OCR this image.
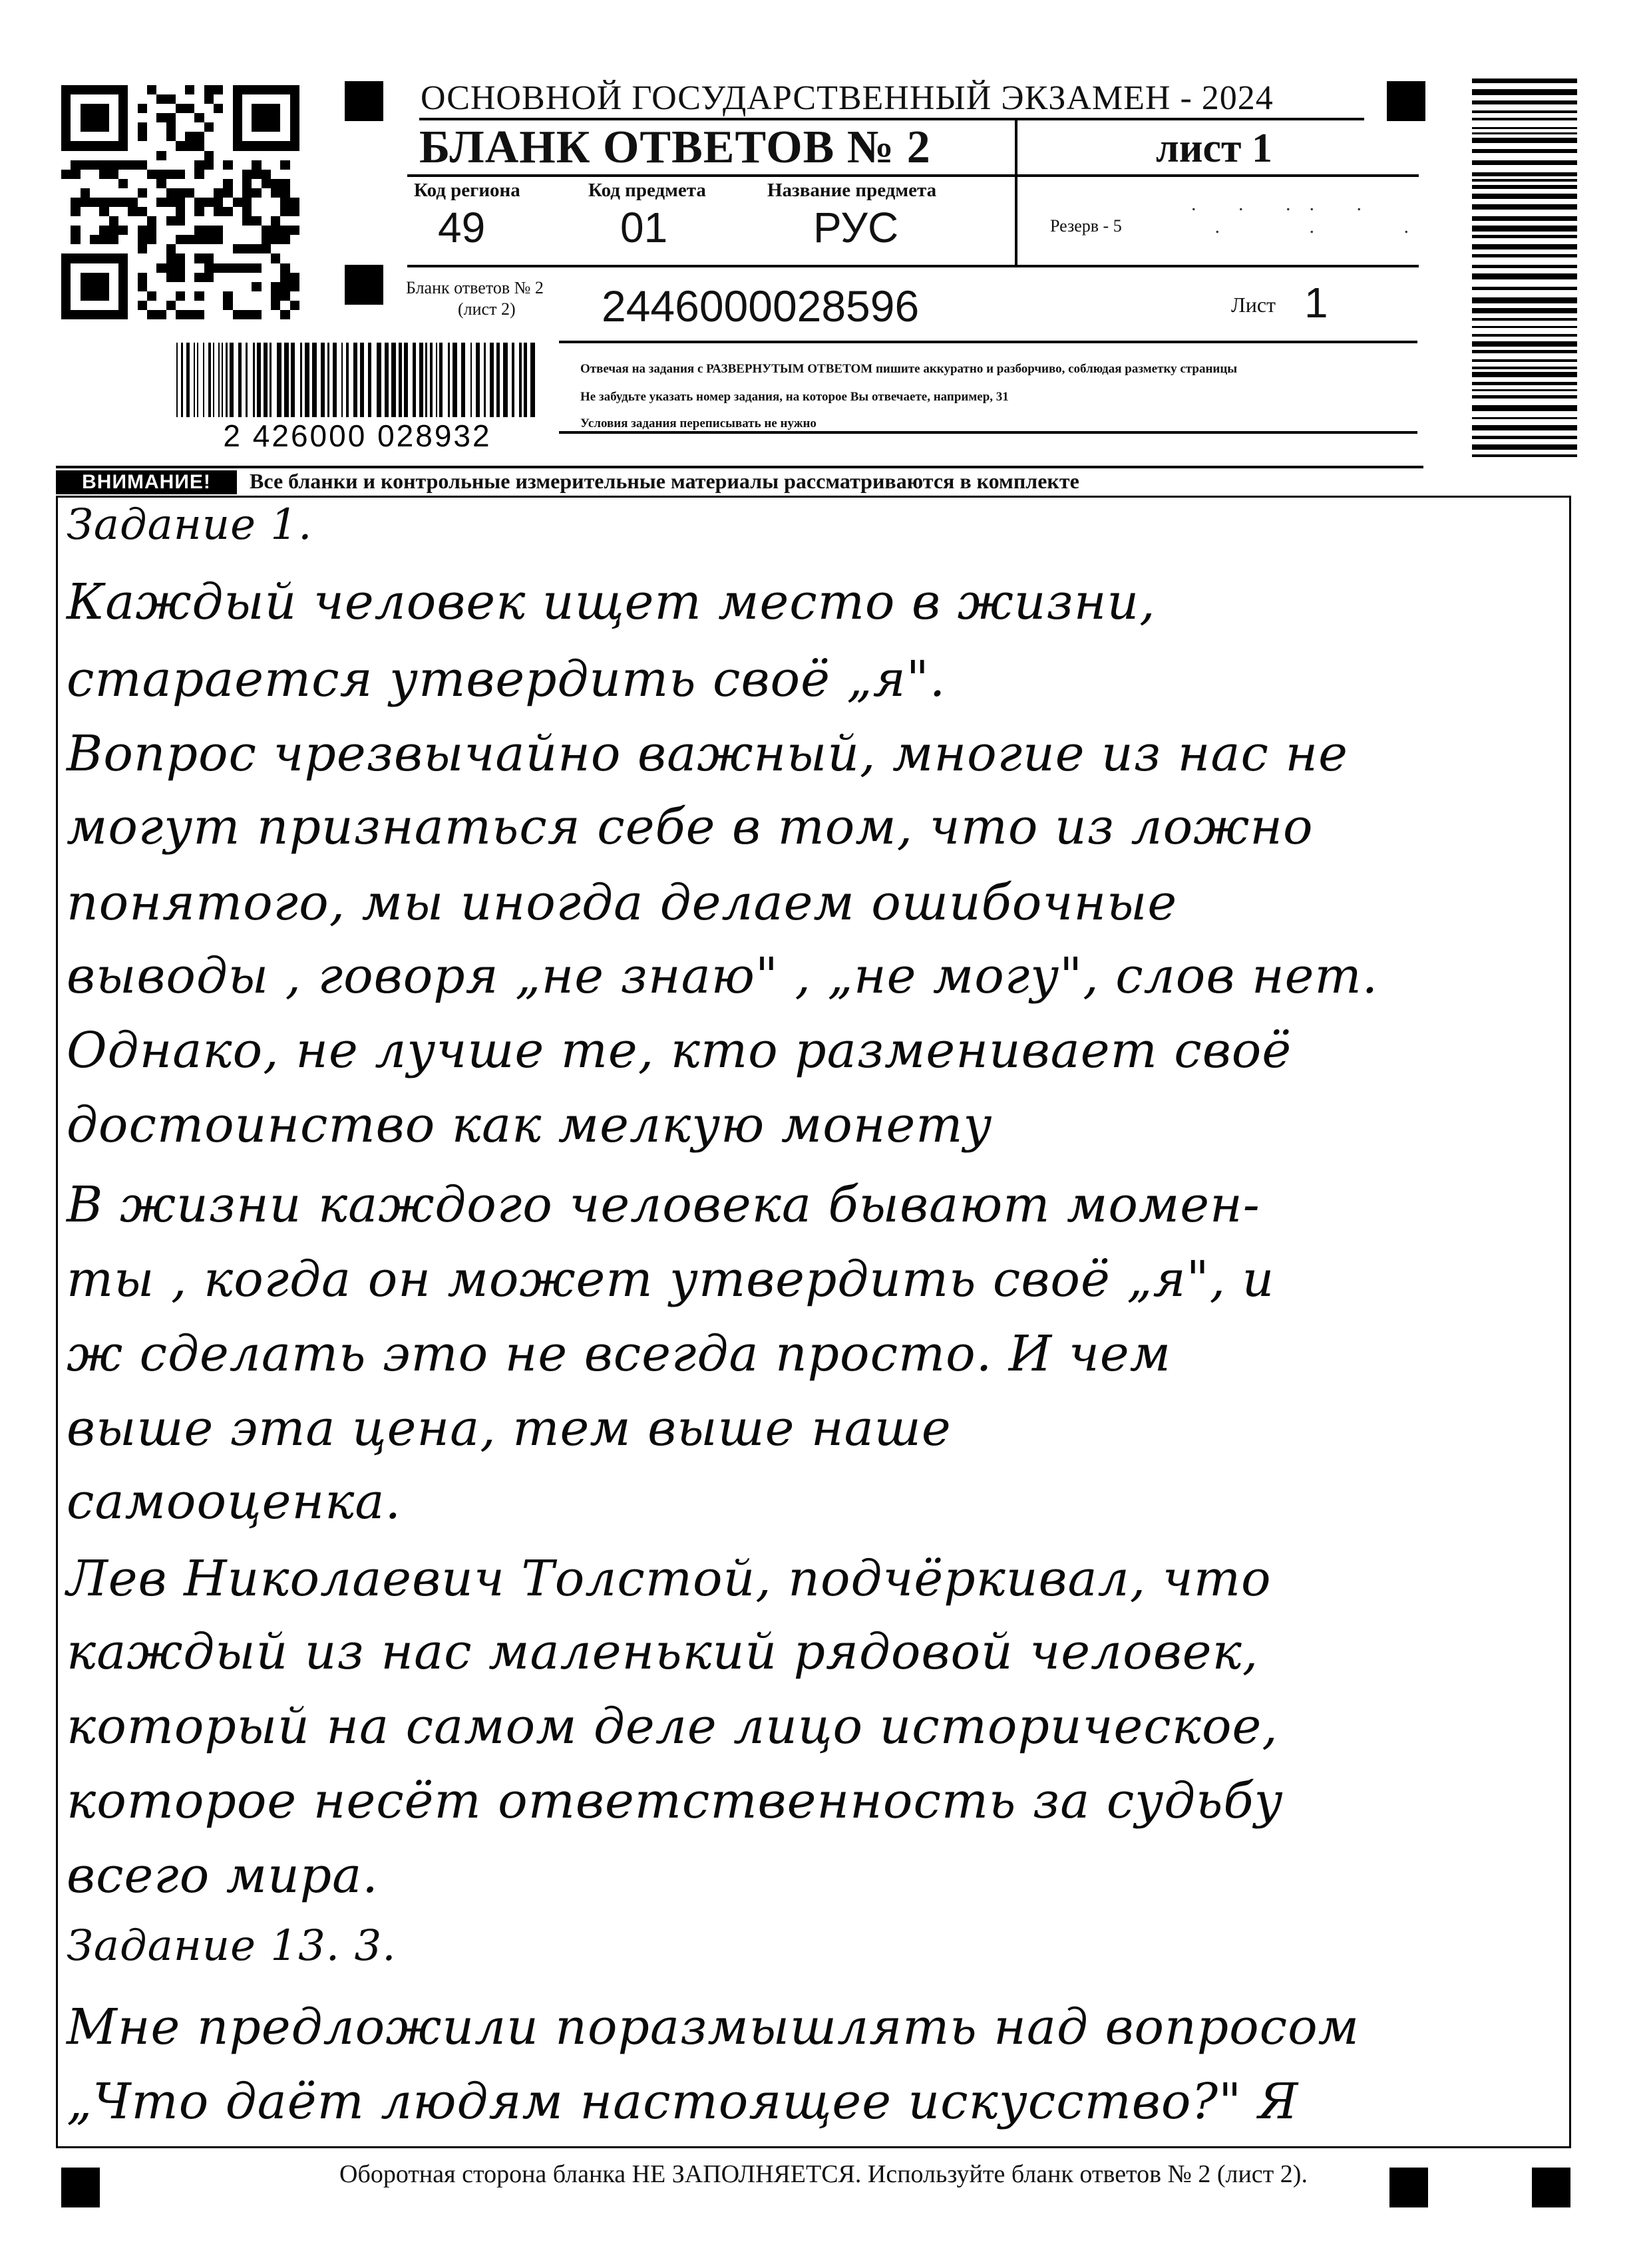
2 426000 028932
ОСНОВНОЙ ГОСУДАРСТВЕННЫЙ ЭКЗАМЕН - 2024
БЛАНК ОТВЕТОВ № 2	лист 1
Код региона
49
Код предмета
01
Название предмета
РУС	Резерв - 5
. . .. .
.   .   .
Бланк ответов № 2
(лист 2) 2446000028596	Лист 1
Отвечая на задания с РАЗВЕРНУТЫМ ОТВЕТОМ пишите аккуратно и разборчиво, соблюдая разметку страницы
Не забудьте указать номер задания, на которое Вы отвечаете, например, 31
Условия задания переписывать не нужно
ВНИМАНИЕ!	Все бланки и контрольные измерительные материалы рассматриваются в комплекте
Задание 1.
Каждый человек ищет место в жизни,
старается утвердить своё „я".
Вопрос чрезвычайно важный, многие из нас не
могут признаться себе в том, что из ложно
понятого, мы иногда делаем ошибочные
выводы , говоря „не знаю" , „не могу", слов нет.
Однако, не лучше те, кто разменивает своё
достоинство как мелкую монету
В жизни каждого человека бывают момен-
ты , когда он может утвердить своё „я", и
ж сделать это не всегда просто. И чем
выше эта цена, тем выше наше
самооценка.
Лев Николаевич Толстой, подчёркивал, что
каждый из нас маленький рядовой человек,
который на самом деле лицо историческое,
которое несёт ответственность за судьбу
всего мира.
Задание 13. 3.
Мне предложили поразмышлять над вопросом
„Что даёт людям настоящее искусство?" Я
Оборотная сторона бланка НЕ ЗАПОЛНЯЕТСЯ. Используйте бланк ответов № 2 (лист 2).
